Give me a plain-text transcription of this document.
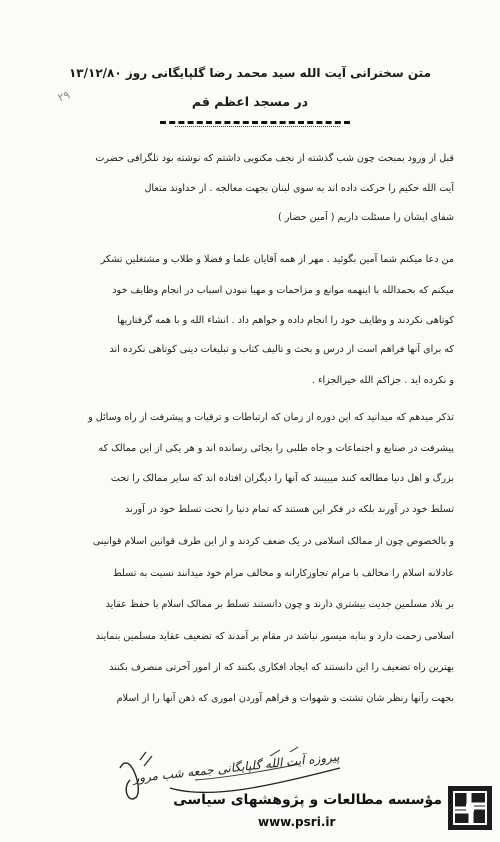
متن سخنرانی آیت الله سید محمد رضا گلپایگانی روز ۱۳/۱۲/۸۰
در مسجد اعظم قم
۲۹
قبل از ورود بمبحث چون شب گذشته از نجف مکتوبی داشتم که نوشته بود تلگرافی حضرت
آیت الله حکیم را حرکت داده اند به سوی لبنان بجهت معالجه . از خداوند متعال
شفای ایشان را مسئلت داریم ( آمین حضار )
من دعا میکنم شما آمین بگوئید . مهر از همه آقایان علما و فضلا و طلاب و مشتغلین تشکر
میکنم که بحمدالله با اینهمه موانع و مزاحمات و مهیا نبودن اسباب در انجام وظایف خود
کوتاهی نکردند و وظایف خود را انجام داده و خواهم داد . انشاء الله و با همه گرفتاریها
که برای آنها فراهم است از درس و بحث و تالیف کتاب و تبلیغات دینی کوتاهی نکرده اند
و نکرده اید . جزاکم الله خیرالجزاء .
تذکر میدهم که میدانید که این دوره از زمان که ارتباطات و ترقیات و پیشرفت از راه وسائل و
پیشرفت در صنایع و اجتماعات و جاه طلبی را بجائی رسانده اند و هر یکی از این ممالک که
بزرگ و اهل دنیا مطالعه کنند میبینند که آنها را دیگران افتاده اند که سایر ممالک را تحت
تسلط خود در آورند بلکه در فکر این هستند که تمام دنیا را تحت تسلط خود در آورند
و بالخصوص چون از ممالک اسلامی در یک ضعف کردند و از این طرف قوانین اسلام قوانینی
عادلانه اسلام را مخالف با مرام تجاوزکارانه و مخالف مرام خود میدانند نسبت به تسلط
بر بلاد مسلمین جدیت بیشتری دارند و چون دانستند تسلط بر ممالک اسلام با حفظ عقاید
اسلامی زحمت دارد و بنابه میسور نباشد در مقام بر آمدند که تضعیف عقاید مسلمین بنمایند
بهترین راه تضعیف را این دانستند که ایجاد افکاری بکنند که از امور آخرتی منصرف بکنند
بجهت رآنها رنظر شان تشتت و شهوات و فراهم آوردن اموری که ذهن آنها را از اسلام
پیروزه آیت الله گلپایگانی جمعه شب مرور
مؤسسه مطالعات و پژوهشهای سیاسی
www.psri.ir
